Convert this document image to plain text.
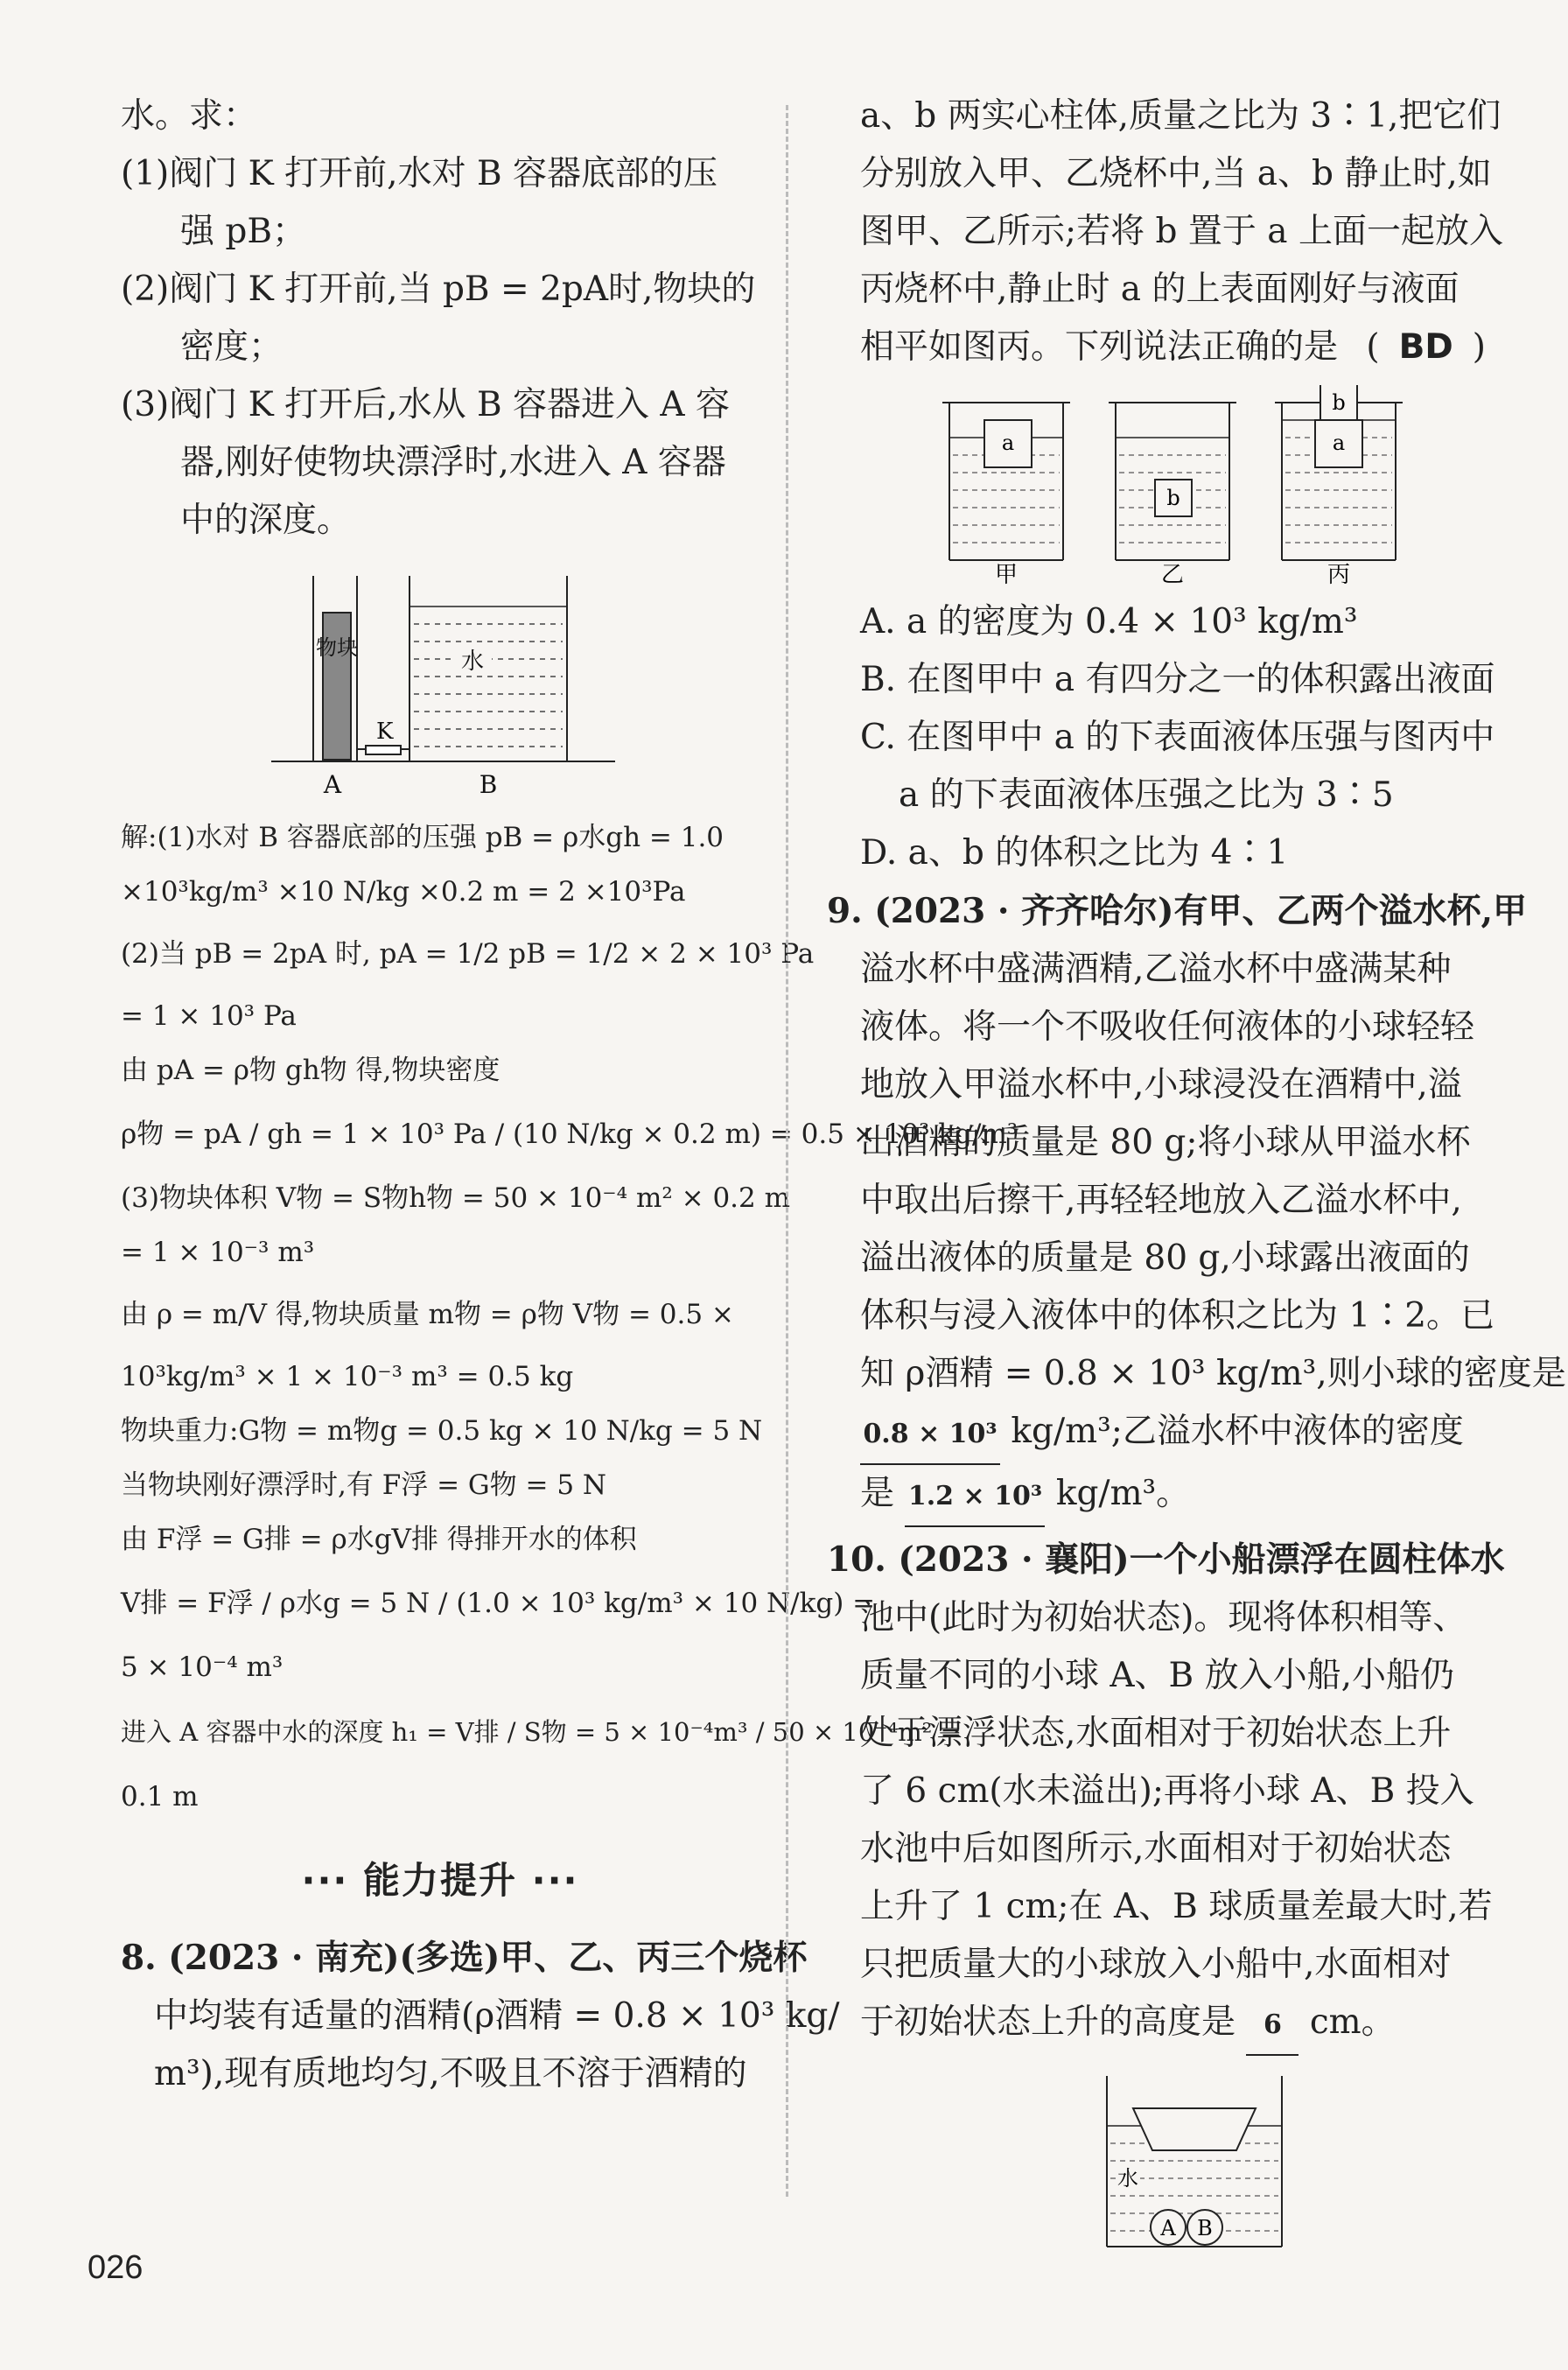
水。求：
(1)阀门 K 打开前,水对 B 容器底部的压
强 pB；
(2)阀门 K 打开前,当 pB = 2pA时,物块的
密度；
(3)阀门 K 打开后,水从 B 容器进入 A 容
器,刚好使物块漂浮时,水进入 A 容器
中的深度。
物块
K
水
A	B
解:(1)水对 B 容器底部的压强 pB = ρ水gh = 1.0
×10³kg/m³ ×10 N/kg ×0.2 m = 2 ×10³Pa
(2)当 pB = 2pA 时, pA = 1/2 pB = 1/2 × 2 × 10³ Pa
= 1 × 10³ Pa
由 pA = ρ物 gh物 得,物块密度
ρ物 = pA / gh = 1 × 10³ Pa / (10 N/kg × 0.2 m) = 0.5 × 10³ kg/m³
(3)物块体积 V物 = S物h物 = 50 × 10⁻⁴ m² × 0.2 m
= 1 × 10⁻³ m³
由 ρ = m/V 得,物块质量 m物 = ρ物 V物 = 0.5 ×
10³kg/m³ × 1 × 10⁻³ m³ = 0.5 kg
物块重力:G物 = m物g = 0.5 kg × 10 N/kg = 5 N
当物块刚好漂浮时,有 F浮 = G物 = 5 N
由 F浮 = G排 = ρ水gV排 得排开水的体积
V排 = F浮 / ρ水g = 5 N / (1.0 × 10³ kg/m³ × 10 N/kg) =
5 × 10⁻⁴ m³
进入 A 容器中水的深度 h₁ = V排 / S物 = 5 × 10⁻⁴m³ / 50 × 10⁻⁴m² =
0.1 m
··· 能力提升 ···
8. (2023 · 南充)(多选)甲、乙、丙三个烧杯
中均装有适量的酒精(ρ酒精 = 0.8 × 10³ kg/
m³),现有质地均匀,不吸且不溶于酒精的
a、b 两实心柱体,质量之比为 3∶1,把它们
分别放入甲、乙烧杯中,当 a、b 静止时,如
图甲、乙所示;若将 b 置于 a 上面一起放入
丙烧杯中,静止时 a 的上表面刚好与液面
相平如图丙。下列说法正确的是 ( BD )
a
甲
b
乙
b
a
丙
A. a 的密度为 0.4 × 10³ kg/m³
B. 在图甲中 a 有四分之一的体积露出液面
C. 在图甲中 a 的下表面液体压强与图丙中
a 的下表面液体压强之比为 3∶5
D. a、b 的体积之比为 4∶1
9. (2023 · 齐齐哈尔)有甲、乙两个溢水杯,甲
溢水杯中盛满酒精,乙溢水杯中盛满某种
液体。将一个不吸收任何液体的小球轻轻
地放入甲溢水杯中,小球浸没在酒精中,溢
出酒精的质量是 80 g;将小球从甲溢水杯
中取出后擦干,再轻轻地放入乙溢水杯中,
溢出液体的质量是 80 g,小球露出液面的
体积与浸入液体中的体积之比为 1∶2。已
知 ρ酒精 = 0.8 × 10³ kg/m³,则小球的密度是
0.8 × 10³ kg/m³;乙溢水杯中液体的密度
是 1.2 × 10³ kg/m³。
10. (2023 · 襄阳)一个小船漂浮在圆柱体水
池中(此时为初始状态)。现将体积相等、
质量不同的小球 A、B 放入小船,小船仍
处于漂浮状态,水面相对于初始状态上升
了 6 cm(水未溢出);再将小球 A、B 投入
水池中后如图所示,水面相对于初始状态
上升了 1 cm;在 A、B 球质量差最大时,若
只把质量大的小球放入小船中,水面相对
于初始状态上升的高度是 6 cm。
水
A B
026
